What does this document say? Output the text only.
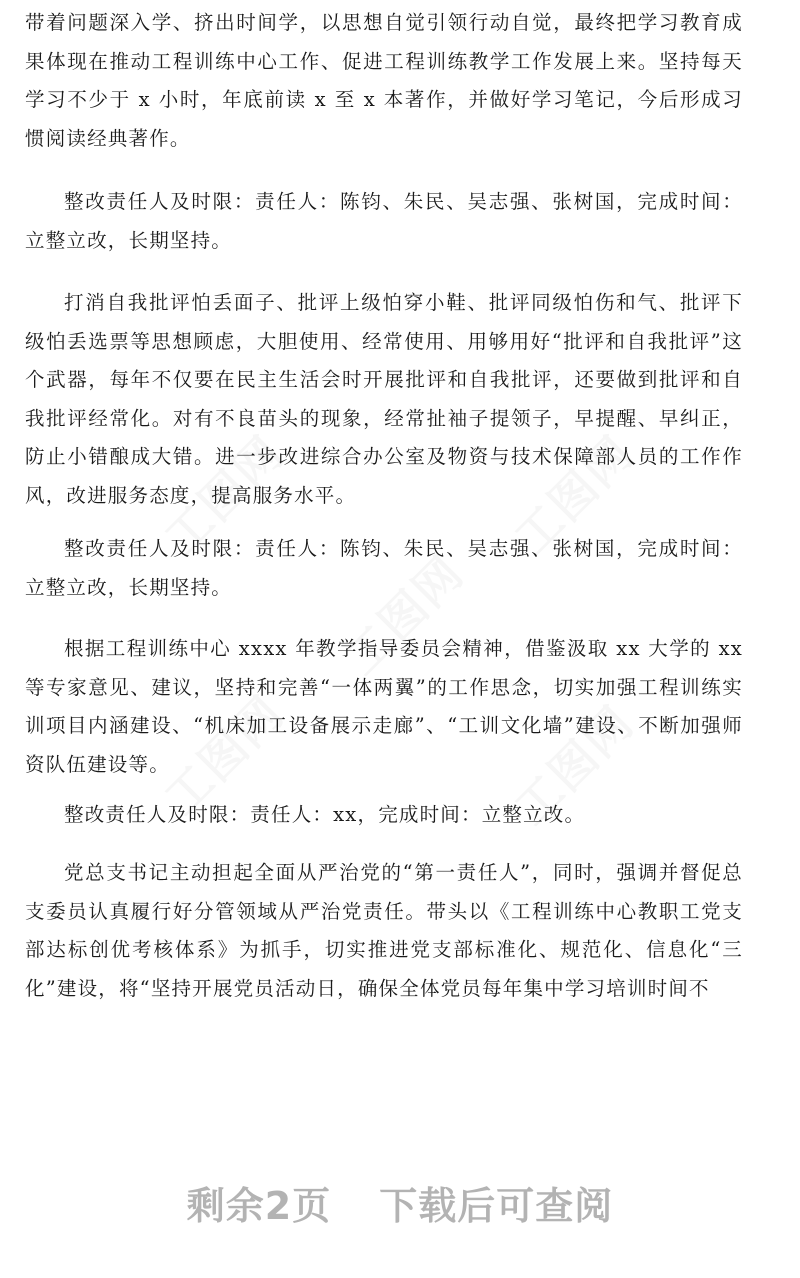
带着问题深入学、挤出时间学，以思想自觉引领行动自觉，最终把学习教育成果体现在推动工程训练中心工作、促进工程训练教学工作发展上来。坚持每天学习不少于 x 小时，年底前读 x 至 x 本著作，并做好学习笔记，今后形成习惯阅读经典著作。

整改责任人及时限：责任人：陈钧、朱民、吴志强、张树国，完成时间：立整立改，长期坚持。

打消自我批评怕丢面子、批评上级怕穿小鞋、批评同级怕伤和气、批评下级怕丢选票等思想顾虑，大胆使用、经常使用、用够用好“批评和自我批评”这个武器，每年不仅要在民主生活会时开展批评和自我批评，还要做到批评和自我批评经常化。对有不良苗头的现象，经常扯袖子提领子，早提醒、早纠正，防止小错酿成大错。进一步改进综合办公室及物资与技术保障部人员的工作作风，改进服务态度，提高服务水平。

整改责任人及时限：责任人：陈钧、朱民、吴志强、张树国，完成时间：立整立改，长期坚持。

根据工程训练中心 xxxx 年教学指导委员会精神，借鉴汲取 xx 大学的 xx 等专家意见、建议，坚持和完善“一体两翼”的工作思念，切实加强工程训练实训项目内涵建设、“机床加工设备展示走廊”、“工训文化墙”建设、不断加强师资队伍建设等。

整改责任人及时限：责任人：xx，完成时间：立整立改。

党总支书记主动担起全面从严治党的“第一责任人”，同时，强调并督促总支委员认真履行好分管领域从严治党责任。带头以《工程训练中心教职工党支部达标创优考核体系》为抓手，切实推进党支部标准化、规范化、信息化“三化”建设，将“坚持开展党员活动日，确保全体党员每年集中学习培训时间不

剩余2页 下载后可查阅
